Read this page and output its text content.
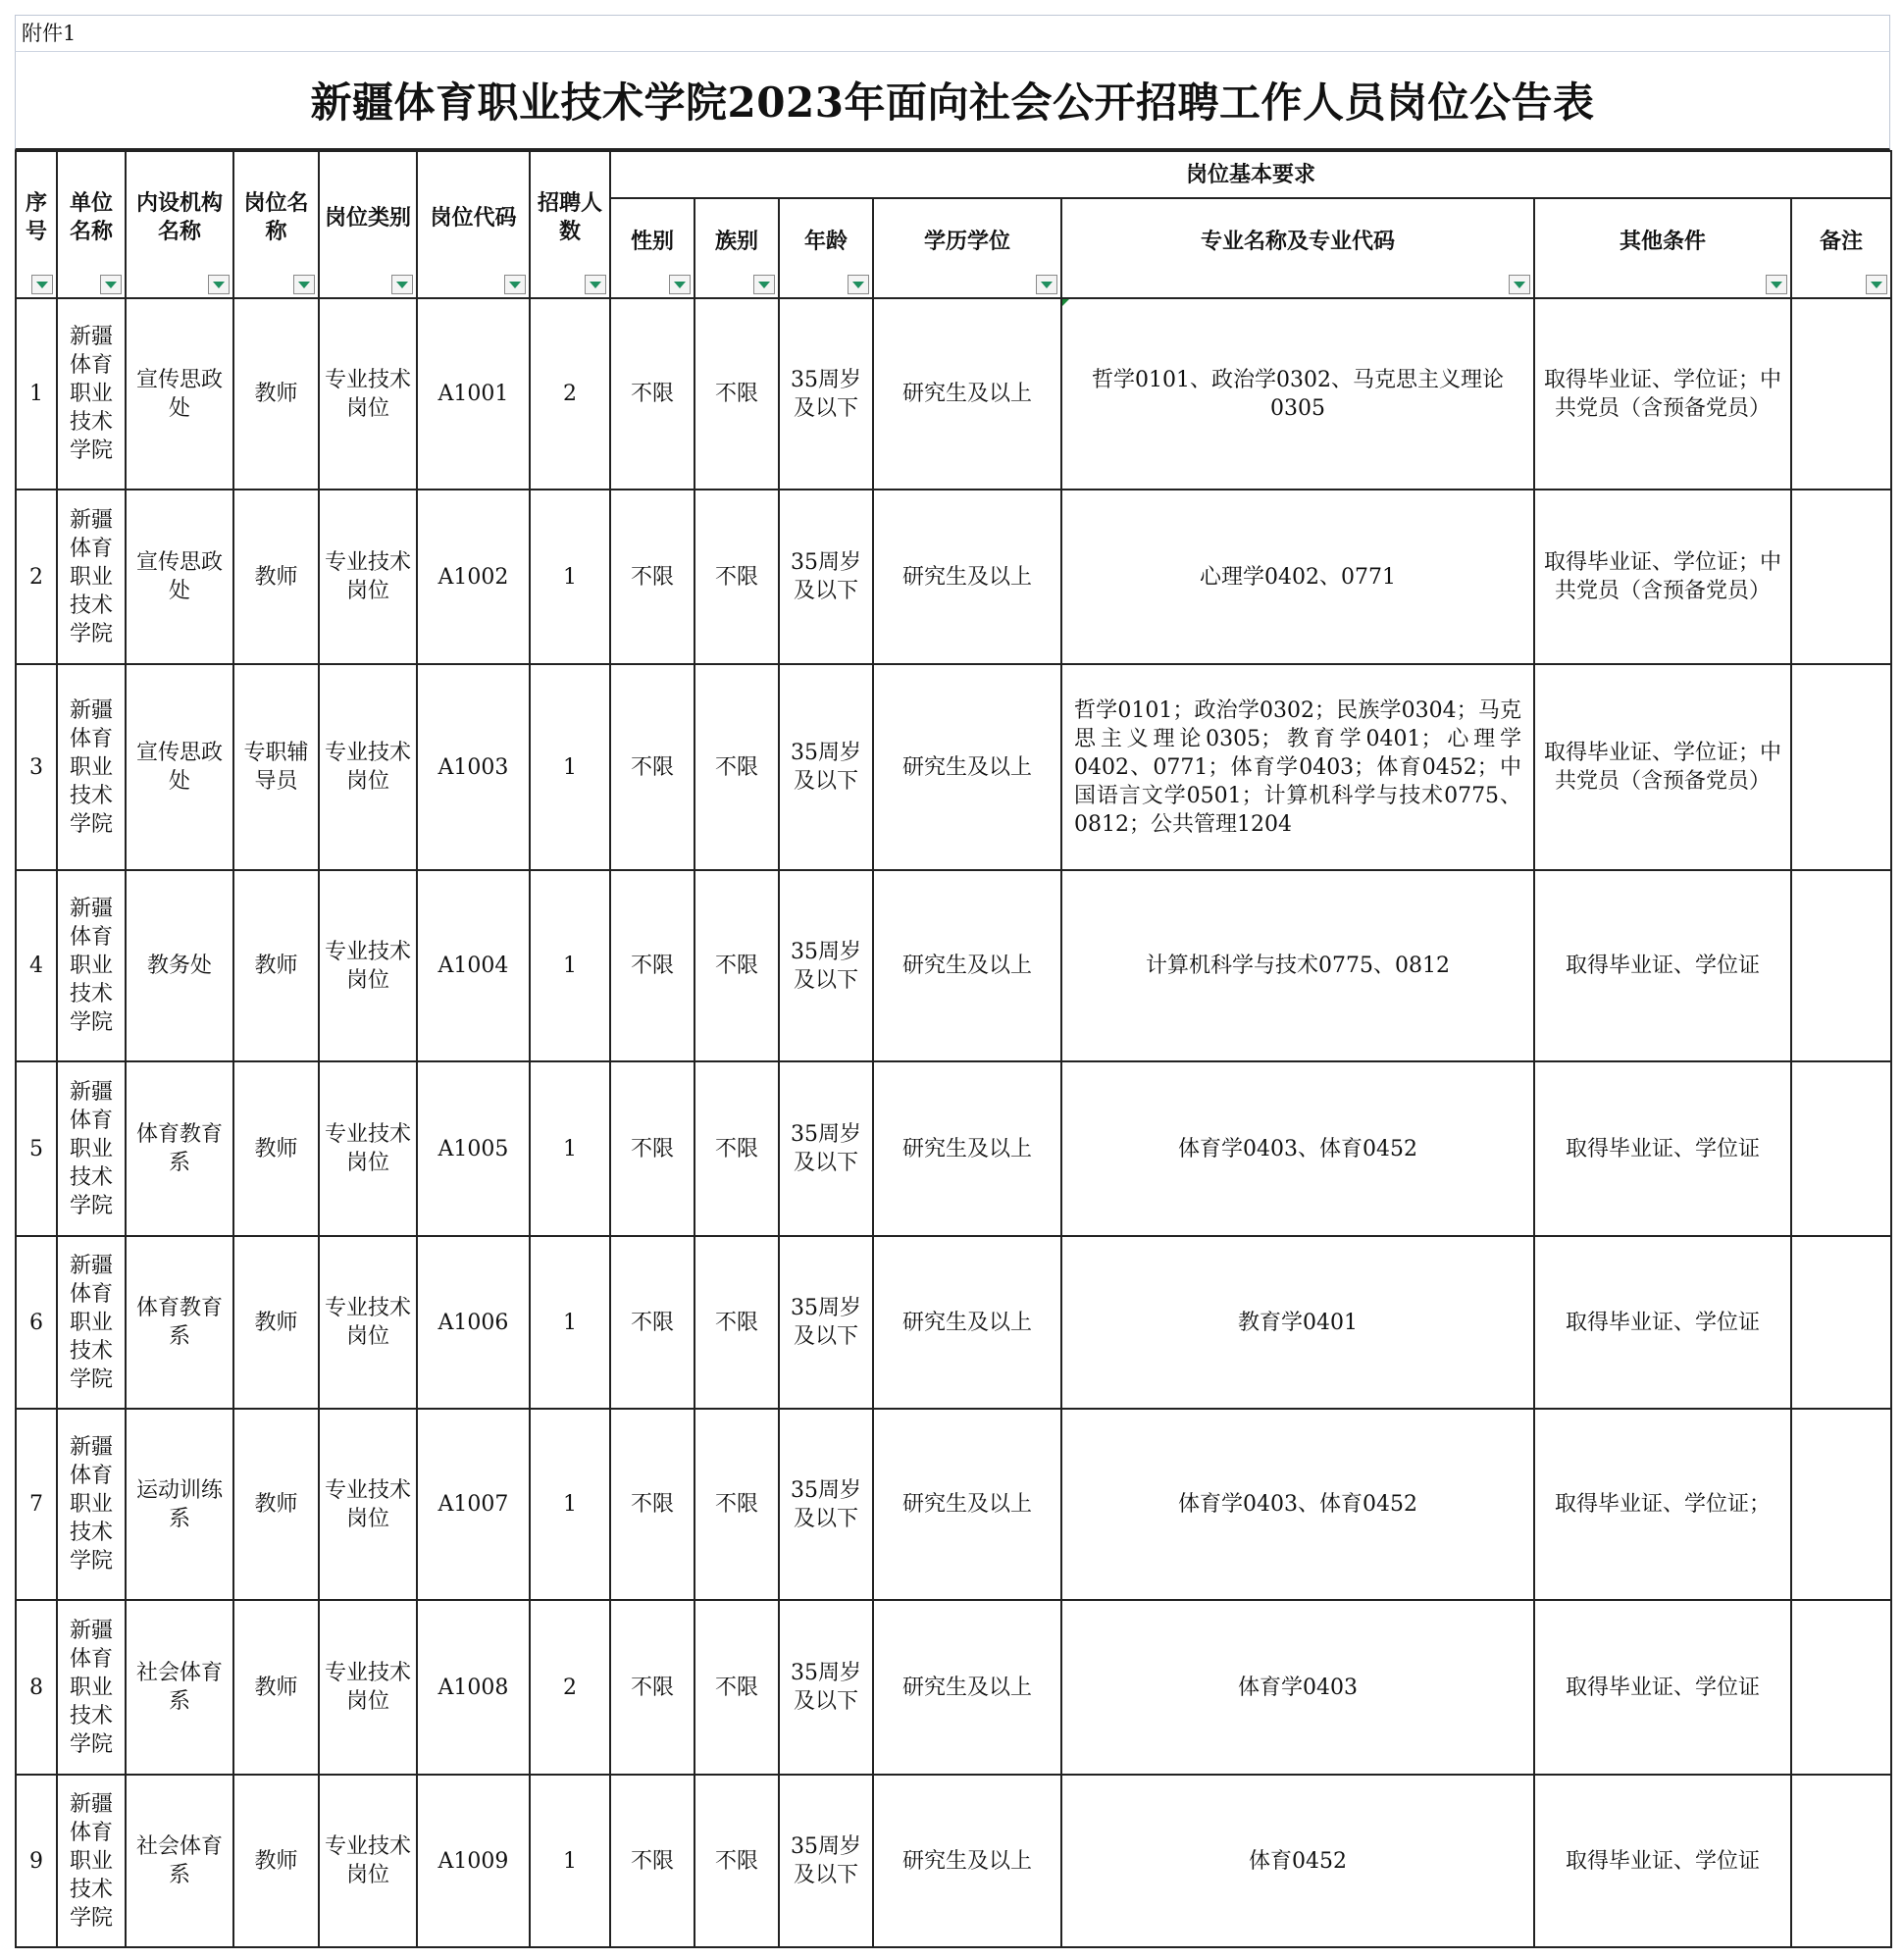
附件1
新疆体育职业技术学院2023年面向社会公开招聘工作人员岗位公告表
序号	单位名称	内设机构名称	岗位名称	岗位类别	岗位代码	招聘人数	岗位基本要求						
							性别	族别	年龄	学历学位	专业名称及专业代码	其他条件	备注

1	新疆体育职业技术学院	宣传思政处	教师	专业技术岗位	A1001	2	不限	不限	35周岁及以下	研究生及以上	哲学0101、政治学0302、马克思主义理论0305	取得毕业证、学位证；中共党员（含预备党员）	
2	新疆体育职业技术学院	宣传思政处	教师	专业技术岗位	A1002	1	不限	不限	35周岁及以下	研究生及以上	心理学0402、0771	取得毕业证、学位证；中共党员（含预备党员）	
3	新疆体育职业技术学院	宣传思政处	专职辅导员	专业技术岗位	A1003	1	不限	不限	35周岁及以下	研究生及以上	哲学0101；政治学0302；民族学0304；马克思主义理论0305；教育学0401；心理学0402、0771；体育学0403；体育0452；中国语言文学0501；计算机科学与技术0775、0812；公共管理1204	取得毕业证、学位证；中共党员（含预备党员）	
4	新疆体育职业技术学院	教务处	教师	专业技术岗位	A1004	1	不限	不限	35周岁及以下	研究生及以上	计算机科学与技术0775、0812	取得毕业证、学位证	
5	新疆体育职业技术学院	体育教育系	教师	专业技术岗位	A1005	1	不限	不限	35周岁及以下	研究生及以上	体育学0403、体育0452	取得毕业证、学位证	
6	新疆体育职业技术学院	体育教育系	教师	专业技术岗位	A1006	1	不限	不限	35周岁及以下	研究生及以上	教育学0401	取得毕业证、学位证	
7	新疆体育职业技术学院	运动训练系	教师	专业技术岗位	A1007	1	不限	不限	35周岁及以下	研究生及以上	体育学0403、体育0452	取得毕业证、学位证；	
8	新疆体育职业技术学院	社会体育系	教师	专业技术岗位	A1008	2	不限	不限	35周岁及以下	研究生及以上	体育学0403	取得毕业证、学位证	
9	新疆体育职业技术学院	社会体育系	教师	专业技术岗位	A1009	1	不限	不限	35周岁及以下	研究生及以上	体育0452	取得毕业证、学位证	
